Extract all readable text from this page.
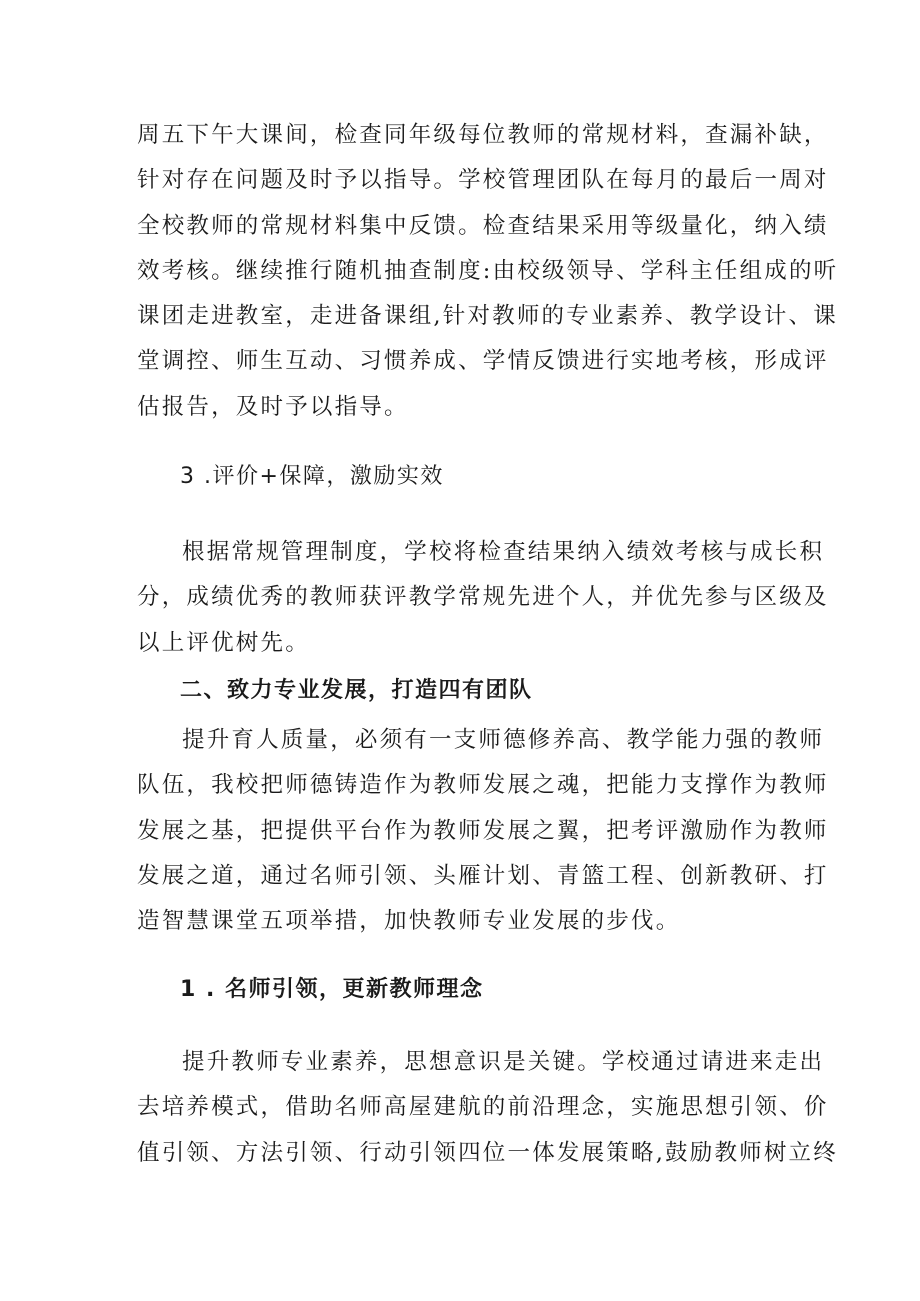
周五下午大课间，检查同年级每位教师的常规材料，查漏补缺，
针对存在问题及时予以指导。学校管理团队在每月的最后一周对
全校教师的常规材料集中反馈。检查结果采用等级量化，纳入绩
效考核。继续推行随机抽查制度:由校级领导、学科主任组成的听
课团走进教室，走进备课组,针对教师的专业素养、教学设计、课
堂调控、师生互动、习惯养成、学情反馈进行实地考核，形成评
估报告，及时予以指导。
3 .评价+保障，激励实效
根据常规管理制度，学校将检查结果纳入绩效考核与成长积
分，成绩优秀的教师获评教学常规先进个人，并优先参与区级及
以上评优树先。
二、致力专业发展，打造四有团队
提升育人质量，必须有一支师德修养高、教学能力强的教师
队伍，我校把师德铸造作为教师发展之魂，把能力支撑作为教师
发展之基，把提供平台作为教师发展之翼，把考评激励作为教师
发展之道，通过名师引领、头雁计划、青篮工程、创新教研、打
造智慧课堂五项举措，加快教师专业发展的步伐。
1 . 名师引领，更新教师理念
提升教师专业素养，思想意识是关键。学校通过请进来走出
去培养模式，借助名师高屋建航的前沿理念，实施思想引领、价
值引领、方法引领、行动引领四位一体发展策略,鼓励教师树立终
